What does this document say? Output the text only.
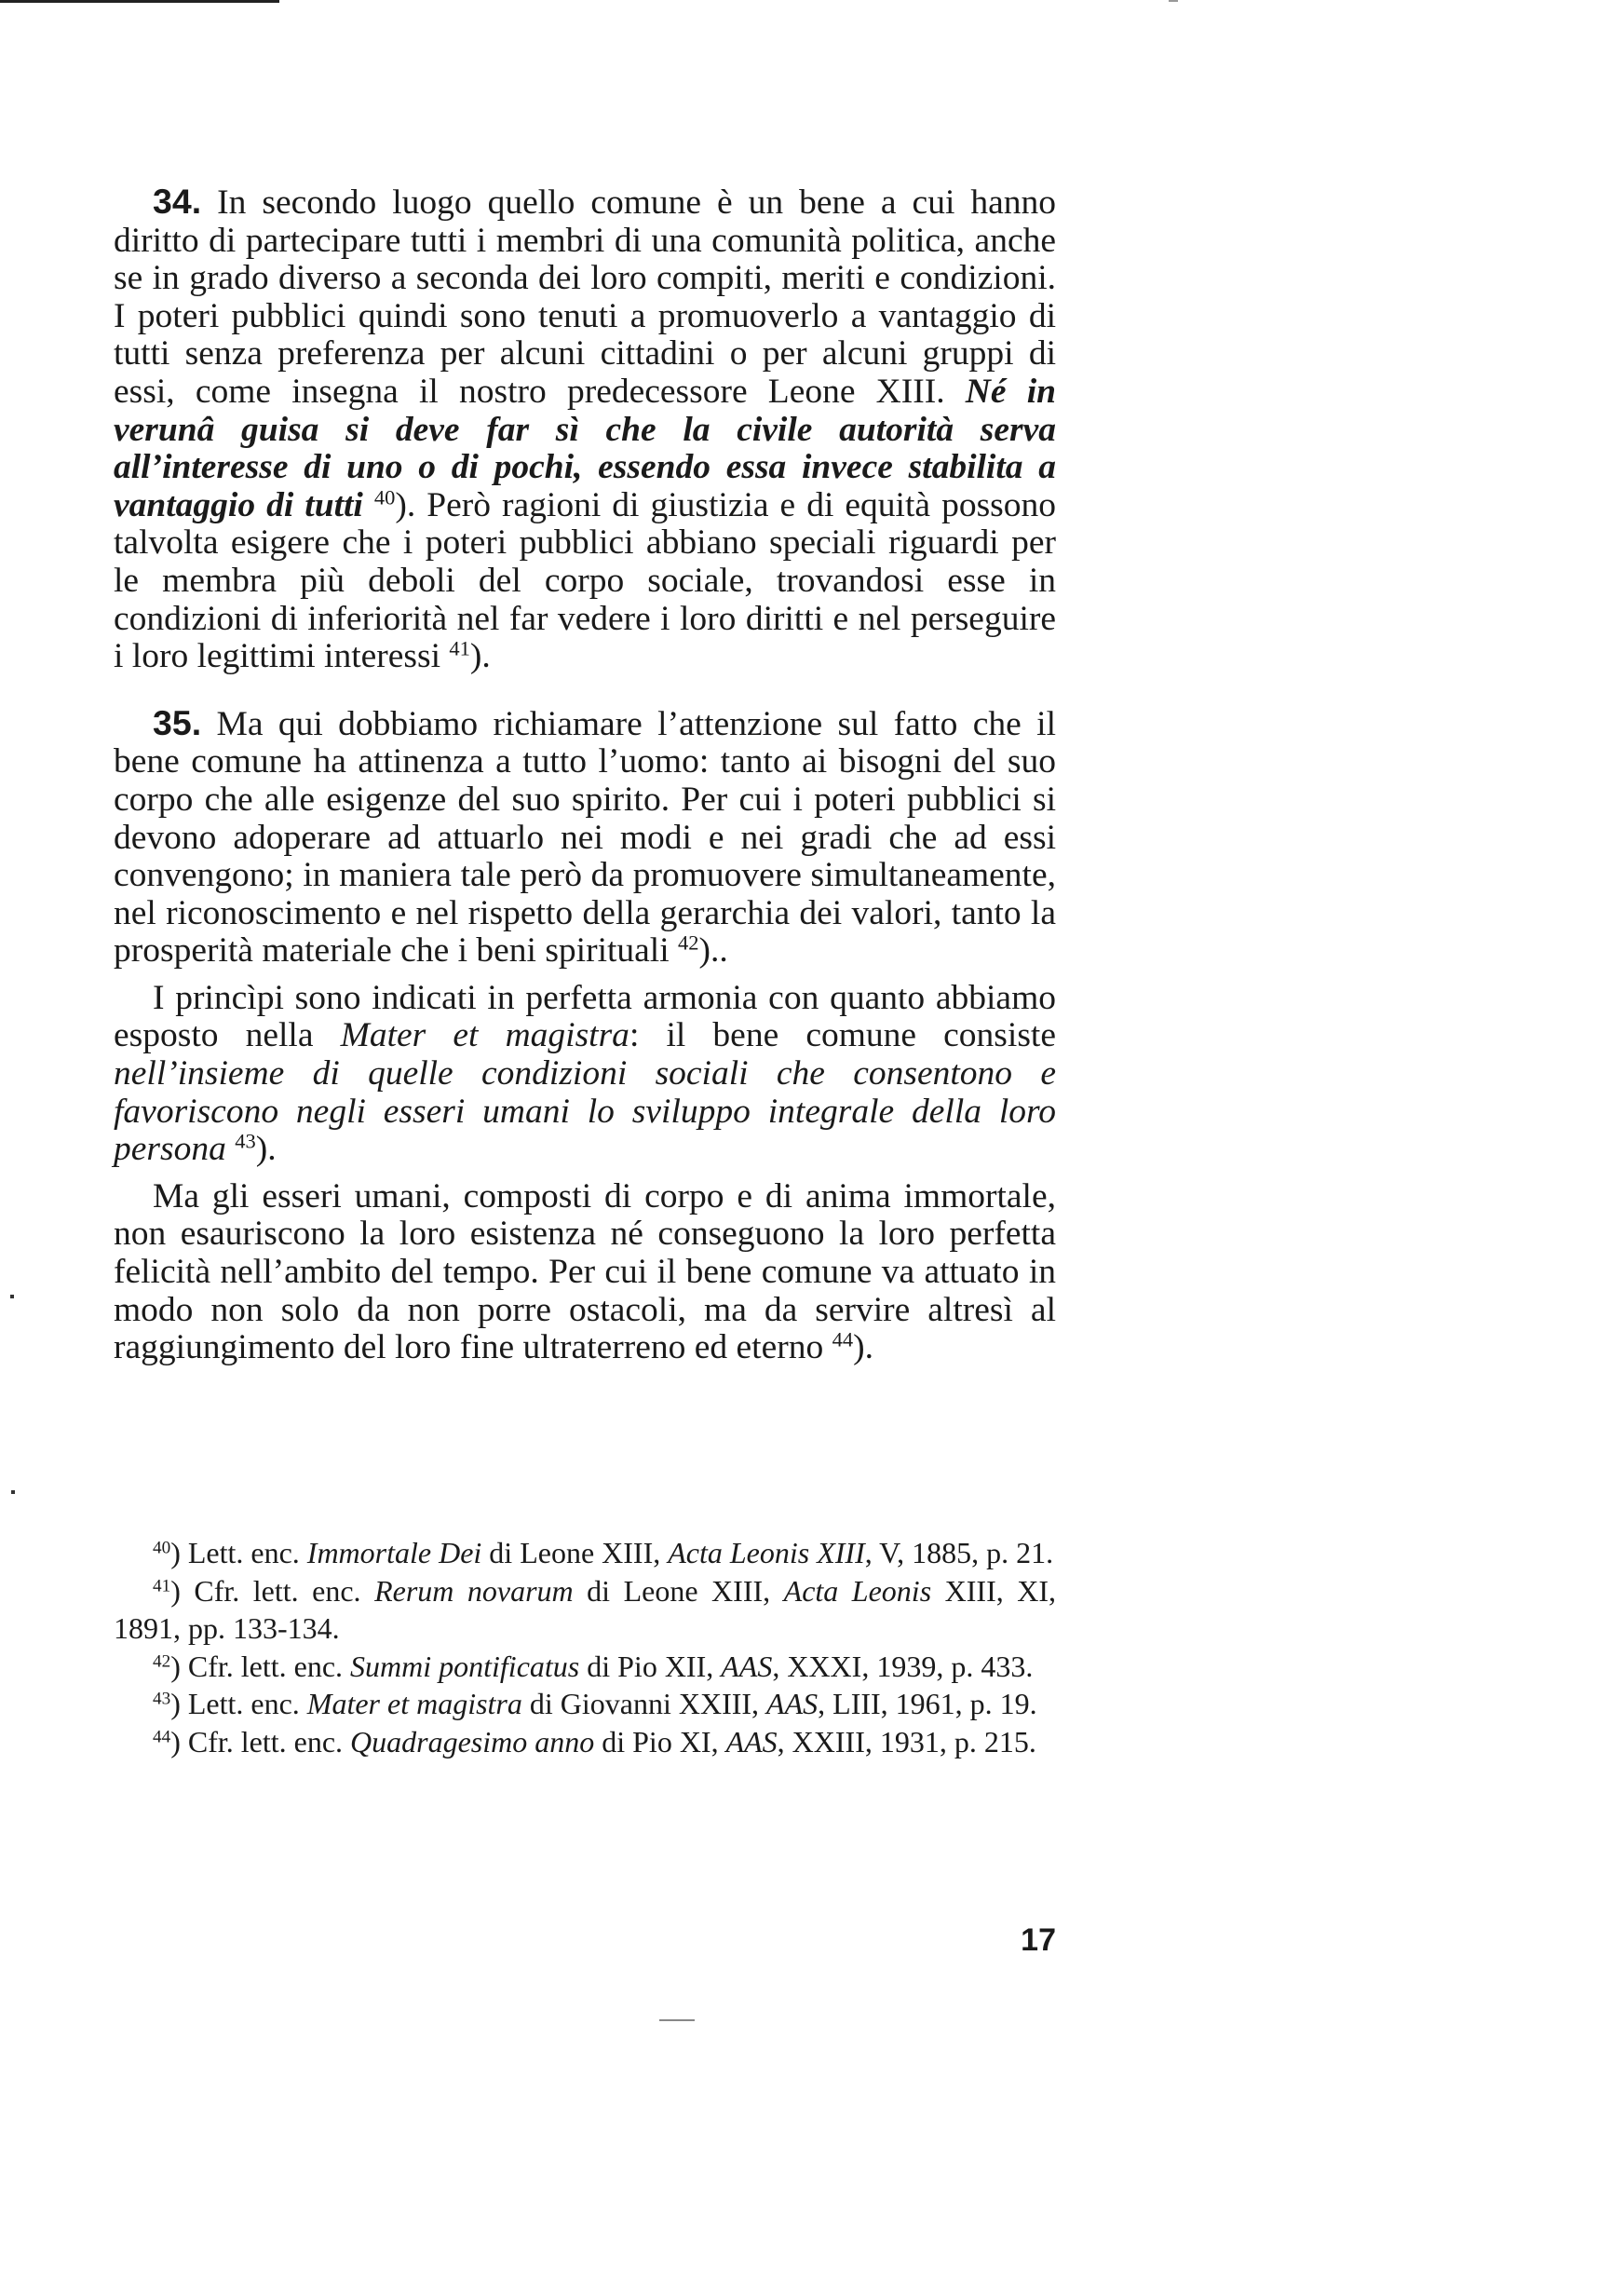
34. In secondo luogo quello comune è un bene a cui hanno diritto di partecipare tutti i membri di una comunità politica, anche se in grado diverso a seconda dei loro compiti, meriti e condizioni. I poteri pubblici quindi sono tenuti a promuoverlo a vantaggio di tutti senza preferenza per alcuni cittadini o per alcuni gruppi di essi, come insegna il nostro predecessore Leone XIII. Né in verunâ guisa si deve far sì che la civile autorità serva all’interesse di uno o di pochi, essendo essa invece stabilita a vantaggio di tutti $^{40}$). Però ragioni di giustizia e di equità possono talvolta esigere che i poteri pubblici abbiano speciali riguardi per le membra più deboli del corpo sociale, trovandosi esse in condizioni di inferiorità nel far vedere i loro diritti e nel perseguire i loro legittimi interessi $^{41}$).

35. Ma qui dobbiamo richiamare l’attenzione sul fatto che il bene comune ha attinenza a tutto l’uomo: tanto ai bisogni del suo corpo che alle esigenze del suo spirito. Per cui i poteri pubblici si devono adoperare ad attuarlo nei modi e nei gradi che ad essi convengono; in maniera tale però da promuovere simultaneamente, nel riconoscimento e nel rispetto della gerarchia dei valori, tanto la prosperità materiale che i beni spirituali $^{42}$)..

I princìpi sono indicati in perfetta armonia con quanto abbiamo esposto nella Mater et magistra: il bene comune consiste nell’insieme di quelle condizioni sociali che consentono e favoriscono negli esseri umani lo sviluppo integrale della loro persona $^{43}$).

Ma gli esseri umani, composti di corpo e di anima immortale, non esauriscono la loro esistenza né conseguono la loro perfetta felicità nell’ambito del tempo. Per cui il bene comune va attuato in modo non solo da non porre ostacoli, ma da servire altresì al raggiungimento del loro fine ultraterreno ed eterno $^{44}$).

$^{40}$) Lett. enc. Immortale Dei di Leone XIII, Acta Leonis XIII, V, 1885, p. 21.

$^{41}$) Cfr. lett. enc. Rerum novarum di Leone XIII, Acta Leonis XIII, XI, 1891, pp. 133-134.

$^{42}$) Cfr. lett. enc. Summi pontificatus di Pio XII, AAS, XXXI, 1939, p. 433.

$^{43}$) Lett. enc. Mater et magistra di Giovanni XXIII, AAS, LIII, 1961, p. 19.

$^{44}$) Cfr. lett. enc. Quadragesimo anno di Pio XI, AAS, XXIII, 1931, p. 215.

17
